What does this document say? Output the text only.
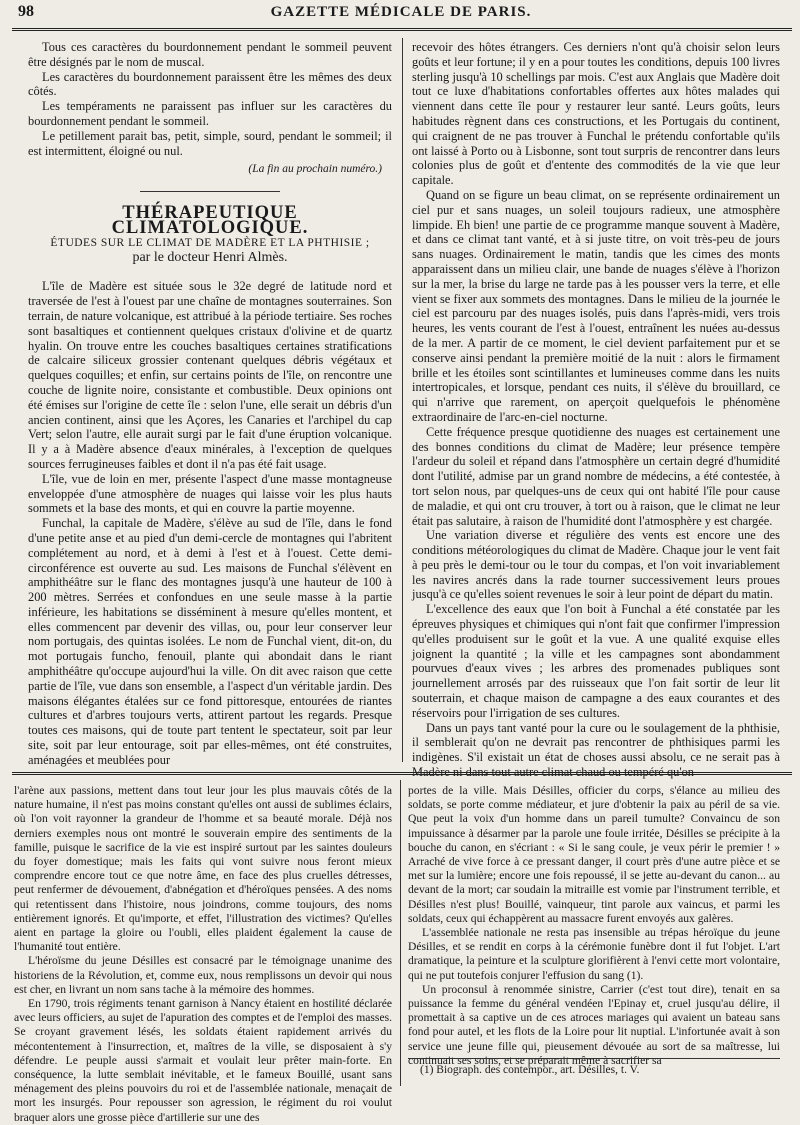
98	GAZETTE MÉDICALE DE PARIS.

Tous ces caractères du bourdonnement pendant le sommeil peuvent être désignés par le nom de muscal.

Les caractères du bourdonnement paraissent être les mêmes des deux côtés.

Les tempéraments ne paraissent pas influer sur les caractères du bourdonnement pendant le sommeil.

Le petillement parait bas, petit, simple, sourd, pendant le sommeil; il est intermittent, éloigné ou nul.

(La fin au prochain numéro.)

THÉRAPEUTIQUE CLIMATOLOGIQUE.

ÉTUDES SUR LE CLIMAT DE MADÈRE ET LA PHTHISIE ;

par le docteur Henri Almès.

L'île de Madère est située sous le 32e degré de latitude nord et traversée de l'est à l'ouest par une chaîne de montagnes souterraines. Son terrain, de nature volcanique, est attribué à la période tertiaire. Ses roches sont basaltiques et contiennent quelques cristaux d'olivine et de quartz hyalin. On trouve entre les couches basaltiques certaines stratifications de calcaire siliceux grossier contenant quelques débris végétaux et quelques coquilles; et enfin, sur certains points de l'île, on rencontre une couche de lignite noire, consistante et combustible. Deux opinions ont été émises sur l'origine de cette île : selon l'une, elle serait un débris d'un ancien continent, ainsi que les Açores, les Canaries et l'archipel du cap Vert; selon l'autre, elle aurait surgi par le fait d'une éruption volcanique. Il y a à Madère absence d'eaux minérales, à l'exception de quelques sources ferrugineuses faibles et dont il n'a pas été fait usage.

L'île, vue de loin en mer, présente l'aspect d'une masse montagneuse enveloppée d'une atmosphère de nuages qui laisse voir les plus hauts sommets et la base des monts, et qui en couvre la partie moyenne.

Funchal, la capitale de Madère, s'élève au sud de l'île, dans le fond d'une petite anse et au pied d'un demi-cercle de montagnes qui l'abritent complétement au nord, et à demi à l'est et à l'ouest. Cette demi-circonférence est ouverte au sud. Les maisons de Funchal s'élèvent en amphithéâtre sur le flanc des montagnes jusqu'à une hauteur de 100 à 200 mètres. Serrées et confondues en une seule masse à la partie inférieure, les habitations se disséminent à mesure qu'elles montent, et elles commencent par devenir des villas, ou, pour leur conserver leur nom portugais, des quintas isolées. Le nom de Funchal vient, dit-on, du mot portugais funcho, fenouil, plante qui abondait dans le riant amphithéâtre qu'occupe aujourd'hui la ville. On dit avec raison que cette partie de l'île, vue dans son ensemble, a l'aspect d'un véritable jardin. Des maisons élégantes étalées sur ce fond pittoresque, entourées de riantes cultures et d'arbres toujours verts, attirent partout les regards. Presque toutes ces maisons, qui de toute part tentent le spectateur, soit par leur site, soit par leur entourage, soit par elles-mêmes, ont été construites, aménagées et meublées pour

recevoir des hôtes étrangers. Ces derniers n'ont qu'à choisir selon leurs goûts et leur fortune; il y en a pour toutes les conditions, depuis 100 livres sterling jusqu'à 10 schellings par mois. C'est aux Anglais que Madère doit tout ce luxe d'habitations confortables offertes aux hôtes malades qui viennent dans cette île pour y restaurer leur santé. Leurs goûts, leurs habitudes règnent dans ces constructions, et les Portugais du continent, qui craignent de ne pas trouver à Funchal le prétendu confortable qu'ils ont laissé à Porto ou à Lisbonne, sont tout surpris de rencontrer dans leurs colonies plus de goût et d'entente des commodités de la vie que leur capitale.

Quand on se figure un beau climat, on se représente ordinairement un ciel pur et sans nuages, un soleil toujours radieux, une atmosphère limpide. Eh bien! une partie de ce programme manque souvent à Madère, et dans ce climat tant vanté, et à si juste titre, on voit très-peu de jours sans nuages. Ordinairement le matin, tandis que les cimes des monts apparaissent dans un milieu clair, une bande de nuages s'élève à l'horizon sur la mer, la brise du large ne tarde pas à les pousser vers la terre, et elle vient se fixer aux sommets des montagnes. Dans le milieu de la journée le ciel est parcouru par des nuages isolés, puis dans l'après-midi, vers trois heures, les vents courant de l'est à l'ouest, entraînent les nuées au-dessus de la mer. A partir de ce moment, le ciel devient parfaitement pur et se conserve ainsi pendant la première moitié de la nuit : alors le firmament brille et les étoiles sont scintillantes et lumineuses comme dans les nuits intertropicales, et lorsque, pendant ces nuits, il s'élève du brouillard, ce qui n'arrive que rarement, on aperçoit quelquefois le phénomène extraordinaire de l'arc-en-ciel nocturne.

Cette fréquence presque quotidienne des nuages est certainement une des bonnes conditions du climat de Madère; leur présence tempère l'ardeur du soleil et répand dans l'atmosphère un certain degré d'humidité dont l'utilité, admise par un grand nombre de médecins, a été contestée, à tort selon nous, par quelques-uns de ceux qui ont habité l'île pour cause de maladie, et qui ont cru trouver, à tort ou à raison, que le climat ne leur était pas salutaire, à raison de l'humidité dont l'atmosphère y est chargée.

Une variation diverse et régulière des vents est encore une des conditions météorologiques du climat de Madère. Chaque jour le vent fait à peu près le demi-tour ou le tour du compas, et l'on voit invariablement les navires ancrés dans la rade tourner successivement leurs proues jusqu'à ce qu'elles soient revenues le soir à leur point de départ du matin.

L'excellence des eaux que l'on boit à Funchal a été constatée par les épreuves physiques et chimiques qui n'ont fait que confirmer l'impression qu'elles produisent sur le goût et la vue. A une qualité exquise elles joignent la quantité ; la ville et les campagnes sont abondamment pourvues d'eaux vives ; les arbres des promenades publiques sont journellement arrosés par des ruisseaux que l'on fait sortir de leur lit souterrain, et chaque maison de campagne a des eaux courantes et des réservoirs pour l'irrigation de ses cultures.

Dans un pays tant vanté pour la cure ou le soulagement de la phthisie, il semblerait qu'on ne devrait pas rencontrer de phthisiques parmi les indigènes. S'il existait un état de choses aussi absolu, ce ne serait pas à Madère ni dans tout autre climat chaud ou tempéré qu'on

l'arène aux passions, mettent dans tout leur jour les plus mauvais côtés de la nature humaine, il n'est pas moins constant qu'elles ont aussi de sublimes éclairs, où l'on voit rayonner la grandeur de l'homme et sa beauté morale. Déjà nos derniers exemples nous ont montré le souverain empire des sentiments de la famille, puisque le sacrifice de la vie est inspiré surtout par les saintes douleurs du foyer domestique; mais les faits qui vont suivre nous feront mieux comprendre encore tout ce que notre âme, en face des plus cruelles détresses, peut renfermer de dévouement, d'abnégation et d'héroïques pensées. A des noms qui retentissent dans l'histoire, nous joindrons, comme toujours, des noms entièrement ignorés. Et qu'importe, et effet, l'illustration des victimes? Qu'elles aient en partage la gloire ou l'oubli, elles plaident également la cause de l'humanité tout entière.

L'héroïsme du jeune Désilles est consacré par le témoignage unanime des historiens de la Révolution, et, comme eux, nous remplissons un devoir qui nous est cher, en livrant un nom sans tache à la mémoire des hommes.

En 1790, trois régiments tenant garnison à Nancy étaient en hostilité déclarée avec leurs officiers, au sujet de l'apuration des comptes et de l'emploi des masses. Se croyant gravement lésés, les soldats étaient rapidement arrivés du mécontentement à l'insurrection, et, maîtres de la ville, se disposaient à s'y défendre. Le peuple aussi s'armait et voulait leur prêter main-forte. En conséquence, la lutte semblait inévitable, et le fameux Bouillé, usant sans ménagement des pleins pouvoirs du roi et de l'assemblée nationale, menaçait de mort les insurgés. Pour repousser son agression, le régiment du roi voulut braquer alors une grosse pièce d'artillerie sur une des

portes de la ville. Mais Désilles, officier du corps, s'élance au milieu des soldats, se porte comme médiateur, et jure d'obtenir la paix au péril de sa vie. Que peut la voix d'un homme dans un pareil tumulte? Convaincu de son impuissance à désarmer par la parole une foule irritée, Désilles se précipite à la bouche du canon, en s'écriant : « Si le sang coule, je veux périr le premier ! » Arraché de vive force à ce pressant danger, il court près d'une autre pièce et se met sur la lumière; encore une fois repoussé, il se jette au-devant du canon... au devant de la mort; car soudain la mitraille est vomie par l'instrument terrible, et Désilles n'est plus! Bouillé, vainqueur, tint parole aux vaincus, et parmi les soldats, ceux qui échappèrent au massacre furent envoyés aux galères.

L'assemblée nationale ne resta pas insensible au trépas héroïque du jeune Désilles, et se rendit en corps à la cérémonie funèbre dont il fut l'objet. L'art dramatique, la peinture et la sculpture glorifièrent à l'envi cette mort volontaire, qui ne put toutefois conjurer l'effusion du sang (1).

Un proconsul à renommée sinistre, Carrier (c'est tout dire), tenait en sa puissance la femme du général vendéen l'Epinay et, cruel jusqu'au délire, il promettait à sa captive un de ces atroces mariages qui avaient un bateau sans fond pour autel, et les flots de la Loire pour lit nuptial. L'infortunée avait à son service une jeune fille qui, pieusement dévouée au sort de sa maîtresse, lui continuait ses soins, et se préparait même à sacrifier sa

(1) Biograph. des contempor., art. Désilles, t. V.
